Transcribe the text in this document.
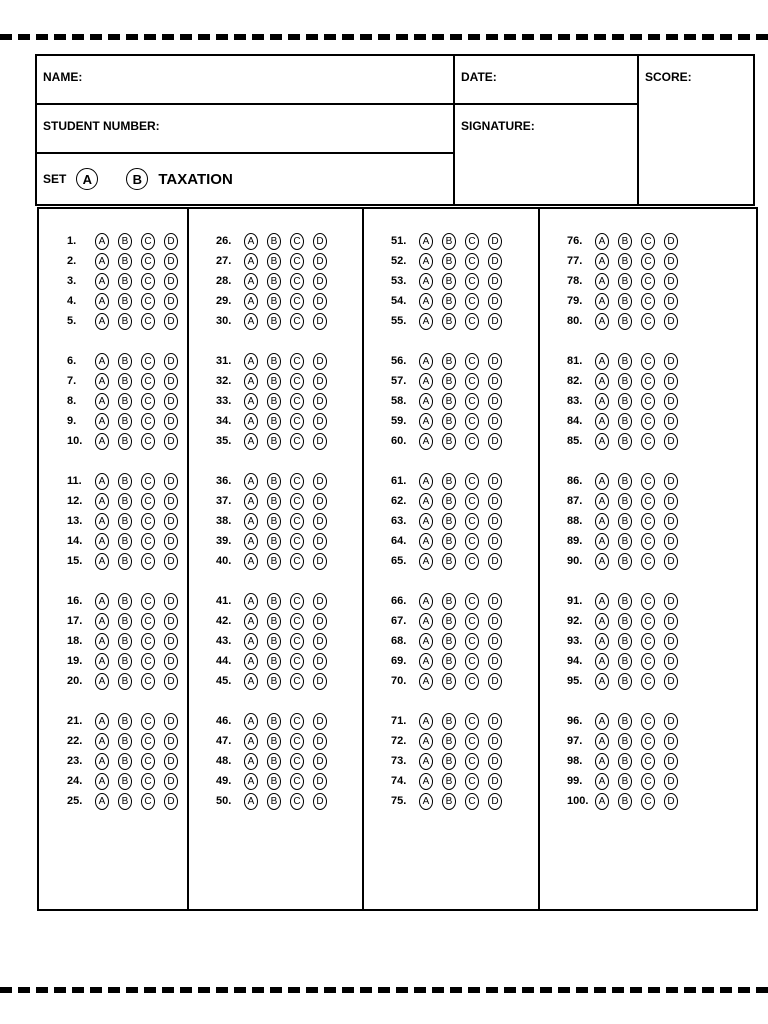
NAME:	DATE:	SCORE:
STUDENT NUMBER:	SIGNATURE:
SET	A	B	TAXATION
1.	A	B	C	D
2.	A	B	C	D
3.	A	B	C	D
4.	A	B	C	D
5.	A	B	C	D
6.	A	B	C	D
7.	A	B	C	D
8.	A	B	C	D
9.	A	B	C	D
10.	A	B	C	D
11.	A	B	C	D
12.	A	B	C	D
13.	A	B	C	D
14.	A	B	C	D
15.	A	B	C	D
16.	A	B	C	D
17.	A	B	C	D
18.	A	B	C	D
19.	A	B	C	D
20.	A	B	C	D
21.	A	B	C	D
22.	A	B	C	D
23.	A	B	C	D
24.	A	B	C	D
25.	A	B	C	D
26.	A	B	C	D
27.	A	B	C	D
28.	A	B	C	D
29.	A	B	C	D
30.	A	B	C	D
31.	A	B	C	D
32.	A	B	C	D
33.	A	B	C	D
34.	A	B	C	D
35.	A	B	C	D
36.	A	B	C	D
37.	A	B	C	D
38.	A	B	C	D
39.	A	B	C	D
40.	A	B	C	D
41.	A	B	C	D
42.	A	B	C	D
43.	A	B	C	D
44.	A	B	C	D
45.	A	B	C	D
46.	A	B	C	D
47.	A	B	C	D
48.	A	B	C	D
49.	A	B	C	D
50.	A	B	C	D
51.	A	B	C	D
52.	A	B	C	D
53.	A	B	C	D
54.	A	B	C	D
55.	A	B	C	D
56.	A	B	C	D
57.	A	B	C	D
58.	A	B	C	D
59.	A	B	C	D
60.	A	B	C	D
61.	A	B	C	D
62.	A	B	C	D
63.	A	B	C	D
64.	A	B	C	D
65.	A	B	C	D
66.	A	B	C	D
67.	A	B	C	D
68.	A	B	C	D
69.	A	B	C	D
70.	A	B	C	D
71.	A	B	C	D
72.	A	B	C	D
73.	A	B	C	D
74.	A	B	C	D
75.	A	B	C	D
76.	A	B	C	D
77.	A	B	C	D
78.	A	B	C	D
79.	A	B	C	D
80.	A	B	C	D
81.	A	B	C	D
82.	A	B	C	D
83.	A	B	C	D
84.	A	B	C	D
85.	A	B	C	D
86.	A	B	C	D
87.	A	B	C	D
88.	A	B	C	D
89.	A	B	C	D
90.	A	B	C	D
91.	A	B	C	D
92.	A	B	C	D
93.	A	B	C	D
94.	A	B	C	D
95.	A	B	C	D
96.	A	B	C	D
97.	A	B	C	D
98.	A	B	C	D
99.	A	B	C	D
100.	A	B	C	D
